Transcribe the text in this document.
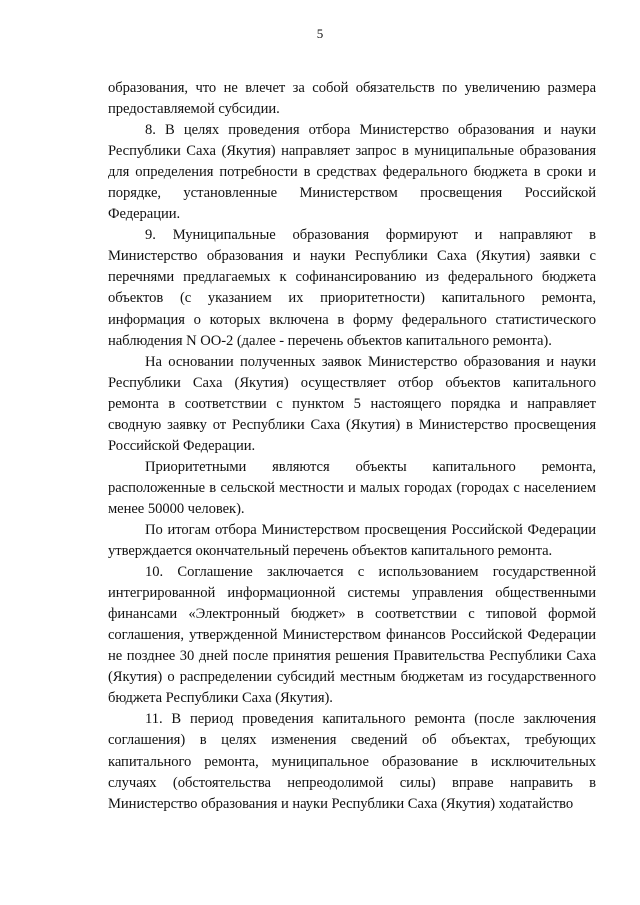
5

образования, что не влечет за собой обязательств по увеличению размера предоставляемой субсидии.

8. В целях проведения отбора Министерство образования и науки Республики Саха (Якутия) направляет запрос в муниципальные образования для определения потребности в средствах федерального бюджета в сроки и порядке, установленные Министерством просвещения Российской Федерации.

9. Муниципальные образования формируют и направляют в Министерство образования и науки Республики Саха (Якутия) заявки с перечнями предлагаемых к софинансированию из федерального бюджета объектов (с указанием их приоритетности) капитального ремонта, информация о которых включена в форму федерального статистического наблюдения N ОО-2 (далее - перечень объектов капитального ремонта).

На основании полученных заявок Министерство образования и науки Республики Саха (Якутия) осуществляет отбор объектов капитального ремонта в соответствии с пунктом 5 настоящего порядка и направляет сводную заявку от Республики Саха (Якутия) в Министерство просвещения Российской Федерации.

Приоритетными являются объекты капитального ремонта, расположенные в сельской местности и малых городах (городах с населением менее 50000 человек).

По итогам отбора Министерством просвещения Российской Федерации утверждается окончательный перечень объектов капитального ремонта.

10. Соглашение заключается с использованием государственной интегрированной информационной системы управления общественными финансами «Электронный бюджет» в соответствии с типовой формой соглашения, утвержденной Министерством финансов Российской Федерации не позднее 30 дней после принятия решения Правительства Республики Саха (Якутия) о распределении субсидий местным бюджетам из государственного бюджета Республики Саха (Якутия).

11. В период проведения капитального ремонта (после заключения соглашения) в целях изменения сведений об объектах, требующих капитального ремонта, муниципальное образование в исключительных случаях (обстоятельства непреодолимой силы) вправе направить в Министерство образования и науки Республики Саха (Якутия) ходатайство
